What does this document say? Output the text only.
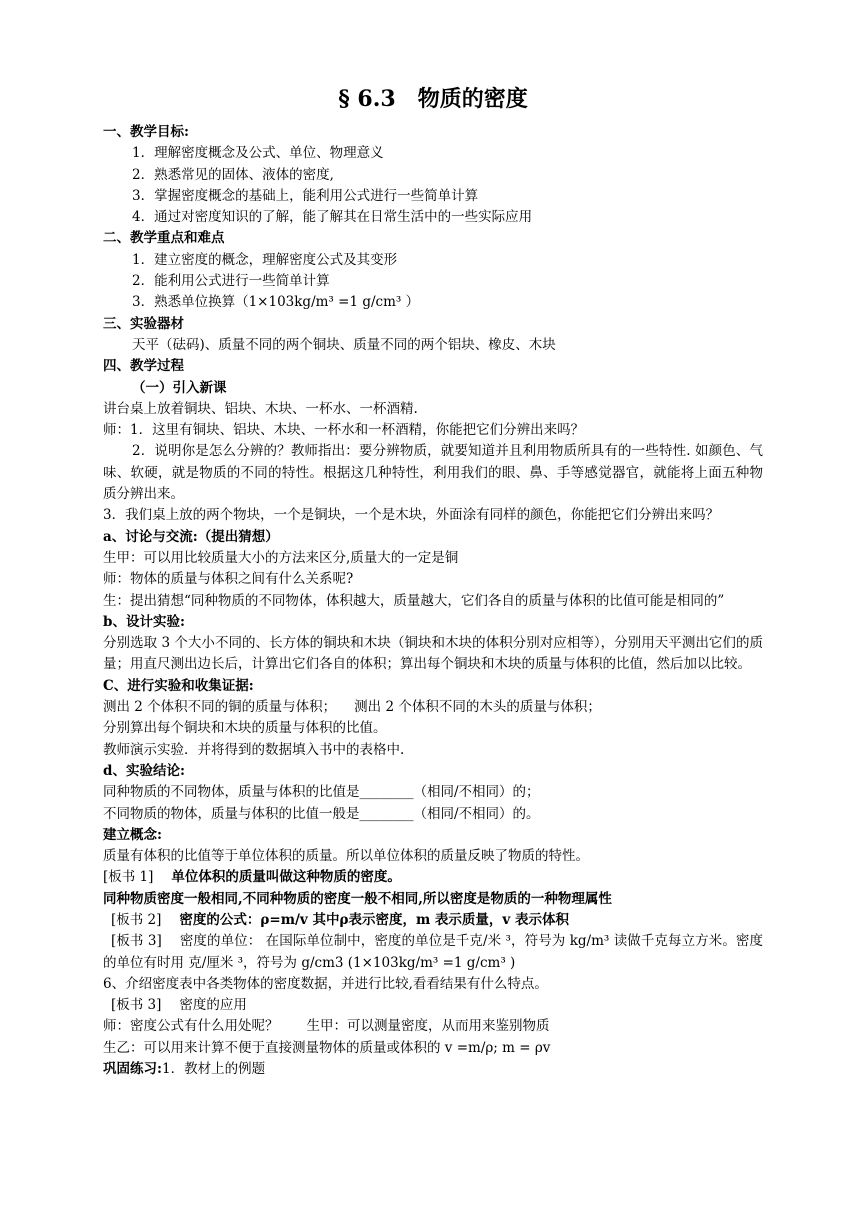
§ 6.3　物质的密度
一、教学目标:
1．理解密度概念及公式、单位、物理意义
2．熟悉常见的固体、液体的密度,
3．掌握密度概念的基础上，能利用公式进行一些简单计算
4．通过对密度知识的了解，能了解其在日常生活中的一些实际应用
二、教学重点和难点
1．建立密度的概念，理解密度公式及其变形
2．能利用公式进行一些简单计算
3．熟悉单位换算（1×103kg/m³ =1 g/cm³ ）
三、实验器材
天平（砝码)、质量不同的两个铜块、质量不同的两个铝块、橡皮、木块
四、教学过程
（一）引入新课
讲台桌上放着铜块、铝块、木块、一杯水、一杯酒精.
师：1．这里有铜块、铝块、木块、一杯水和一杯酒精，你能把它们分辨出来吗？
2．说明你是怎么分辨的？教师指出：要分辨物质，就要知道并且利用物质所具有的一些特性. 如颜色、气味、软硬，就是物质的不同的特性。根据这几种特性，利用我们的眼、鼻、手等感觉器官，就能将上面五种物质分辨出来。
3．我们桌上放的两个物块，一个是铜块，一个是木块，外面涂有同样的颜色，你能把它们分辨出来吗？
a、讨论与交流:（提出猜想）
生甲：可以用比较质量大小的方法来区分,质量大的一定是铜
师：物体的质量与体积之间有什么关系呢?
生：提出猜想“同种物质的不同物体，体积越大，质量越大，它们各自的质量与体积的比值可能是相同的”
b、设计实验:
分别选取 3 个大小不同的、长方体的铜块和木块（铜块和木块的体积分别对应相等），分别用天平测出它们的质量；用直尺测出边长后，计算出它们各自的体积；算出每个铜块和木块的质量与体积的比值，然后加以比较。
C、进行实验和收集证据:
测出 2 个体积不同的铜的质量与体积； 测出 2 个体积不同的木头的质量与体积；
分别算出每个铜块和木块的质量与体积的比值。
教师演示实验．并将得到的数据填入书中的表格中.
d、实验结论:
同种物质的不同物体，质量与体积的比值是________（相同/不相同）的；
不同物质的物体，质量与体积的比值一般是________（相同/不相同）的。
建立概念:
质量有体积的比值等于单位体积的质量。所以单位体积的质量反映了物质的特性。
[板书 1] 单位体积的质量叫做这种物质的密度。
同种物质密度一般相同,不同种物质的密度一般不相同,所以密度是物质的一种物理属性
[板书 2] 密度的公式：ρ=m/v 其中ρ表示密度，m 表示质量，v 表示体积
[板书 3] 密度的单位： 在国际单位制中，密度的单位是千克/米 ³，符号为 kg/m³ 读做千克每立方米。密度的单位有时用 克/厘米 ³，符号为 g/cm3 (1×103kg/m³ =1 g/cm³ )
6、介绍密度表中各类物体的密度数据，并进行比较,看看结果有什么特点。
[板书 3] 密度的应用
师：密度公式有什么用处呢？ 生甲：可以测量密度，从而用来鉴别物质
生乙：可以用来计算不便于直接测量物体的质量或体积的 v =m/ρ; m = ρv
巩固练习:1．教材上的例题
